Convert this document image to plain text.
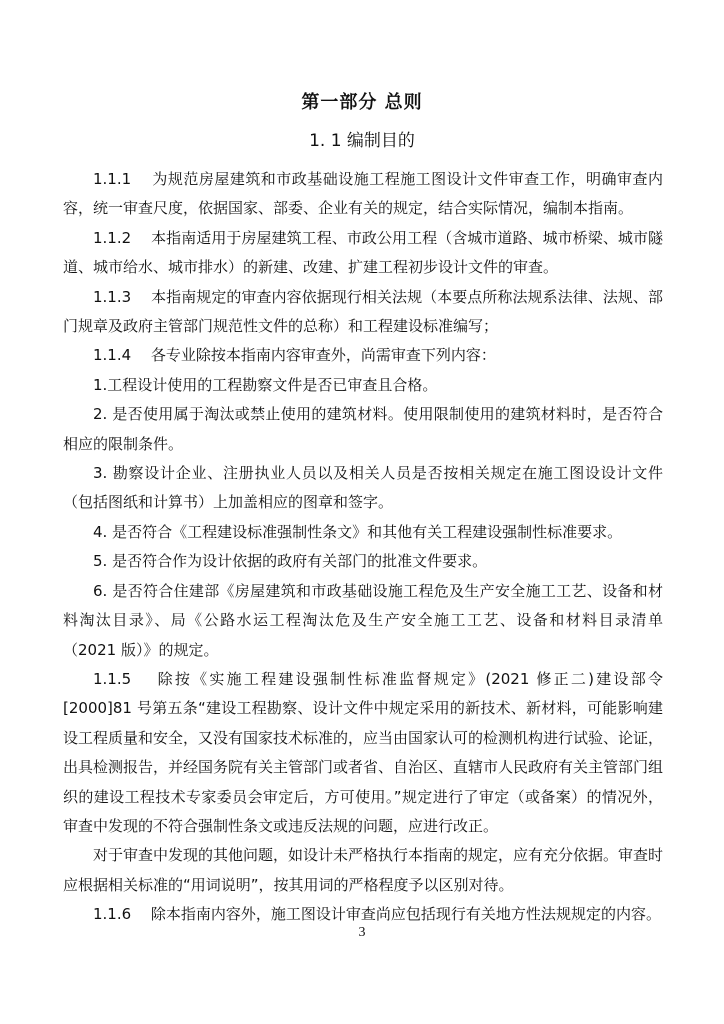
第一部分 总则
1. 1 编制目的

1.1.1　 为规范房屋建筑和市政基础设施工程施工图设计文件审查工作，明确审查内容，统一审查尺度，依据国家、部委、企业有关的规定，结合实际情况，编制本指南。

1.1.2　 本指南适用于房屋建筑工程、市政公用工程（含城市道路、城市桥梁、城市隧道、城市给水、城市排水）的新建、改建、扩建工程初步设计文件的审查。

1.1.3　 本指南规定的审查内容依据现行相关法规（本要点所称法规系法律、法规、部门规章及政府主管部门规范性文件的总称）和工程建设标准编写；

1.1.4　 各专业除按本指南内容审查外，尚需审查下列内容：

1.工程设计使用的工程勘察文件是否已审查且合格。

2. 是否使用属于淘汰或禁止使用的建筑材料。使用限制使用的建筑材料时，是否符合相应的限制条件。

3. 勘察设计企业、注册执业人员以及相关人员是否按相关规定在施工图设设计文件（包括图纸和计算书）上加盖相应的图章和签字。

4. 是否符合《工程建设标准强制性条文》和其他有关工程建设强制性标准要求。

5. 是否符合作为设计依据的政府有关部门的批准文件要求。

6. 是否符合住建部《房屋建筑和市政基础设施工程危及生产安全施工工艺、设备和材料淘汰目录》、局《公路水运工程淘汰危及生产安全施工工艺、设备和材料目录清单 （2021 版）》的规定。

1.1.5　 除按《实施工程建设强制性标准监督规定》(2021 修正二)建设部令[2000]81 号第五条“建设工程勘察、设计文件中规定采用的新技术、新材料，可能影响建设工程质量和安全，又没有国家技术标准的，应当由国家认可的检测机构进行试验、论证，出具检测报告，并经国务院有关主管部门或者省、自治区、直辖市人民政府有关主管部门组织的建设工程技术专家委员会审定后，方可使用。”规定进行了审定（或备案）的情况外，审查中发现的不符合强制性条文或违反法规的问题，应进行改正。

对于审查中发现的其他问题，如设计未严格执行本指南的规定，应有充分依据。审查时应根据相关标准的“用词说明”，按其用词的严格程度予以区别对待。

1.1.6　 除本指南内容外，施工图设计审查尚应包括现行有关地方性法规规定的内容。

3
